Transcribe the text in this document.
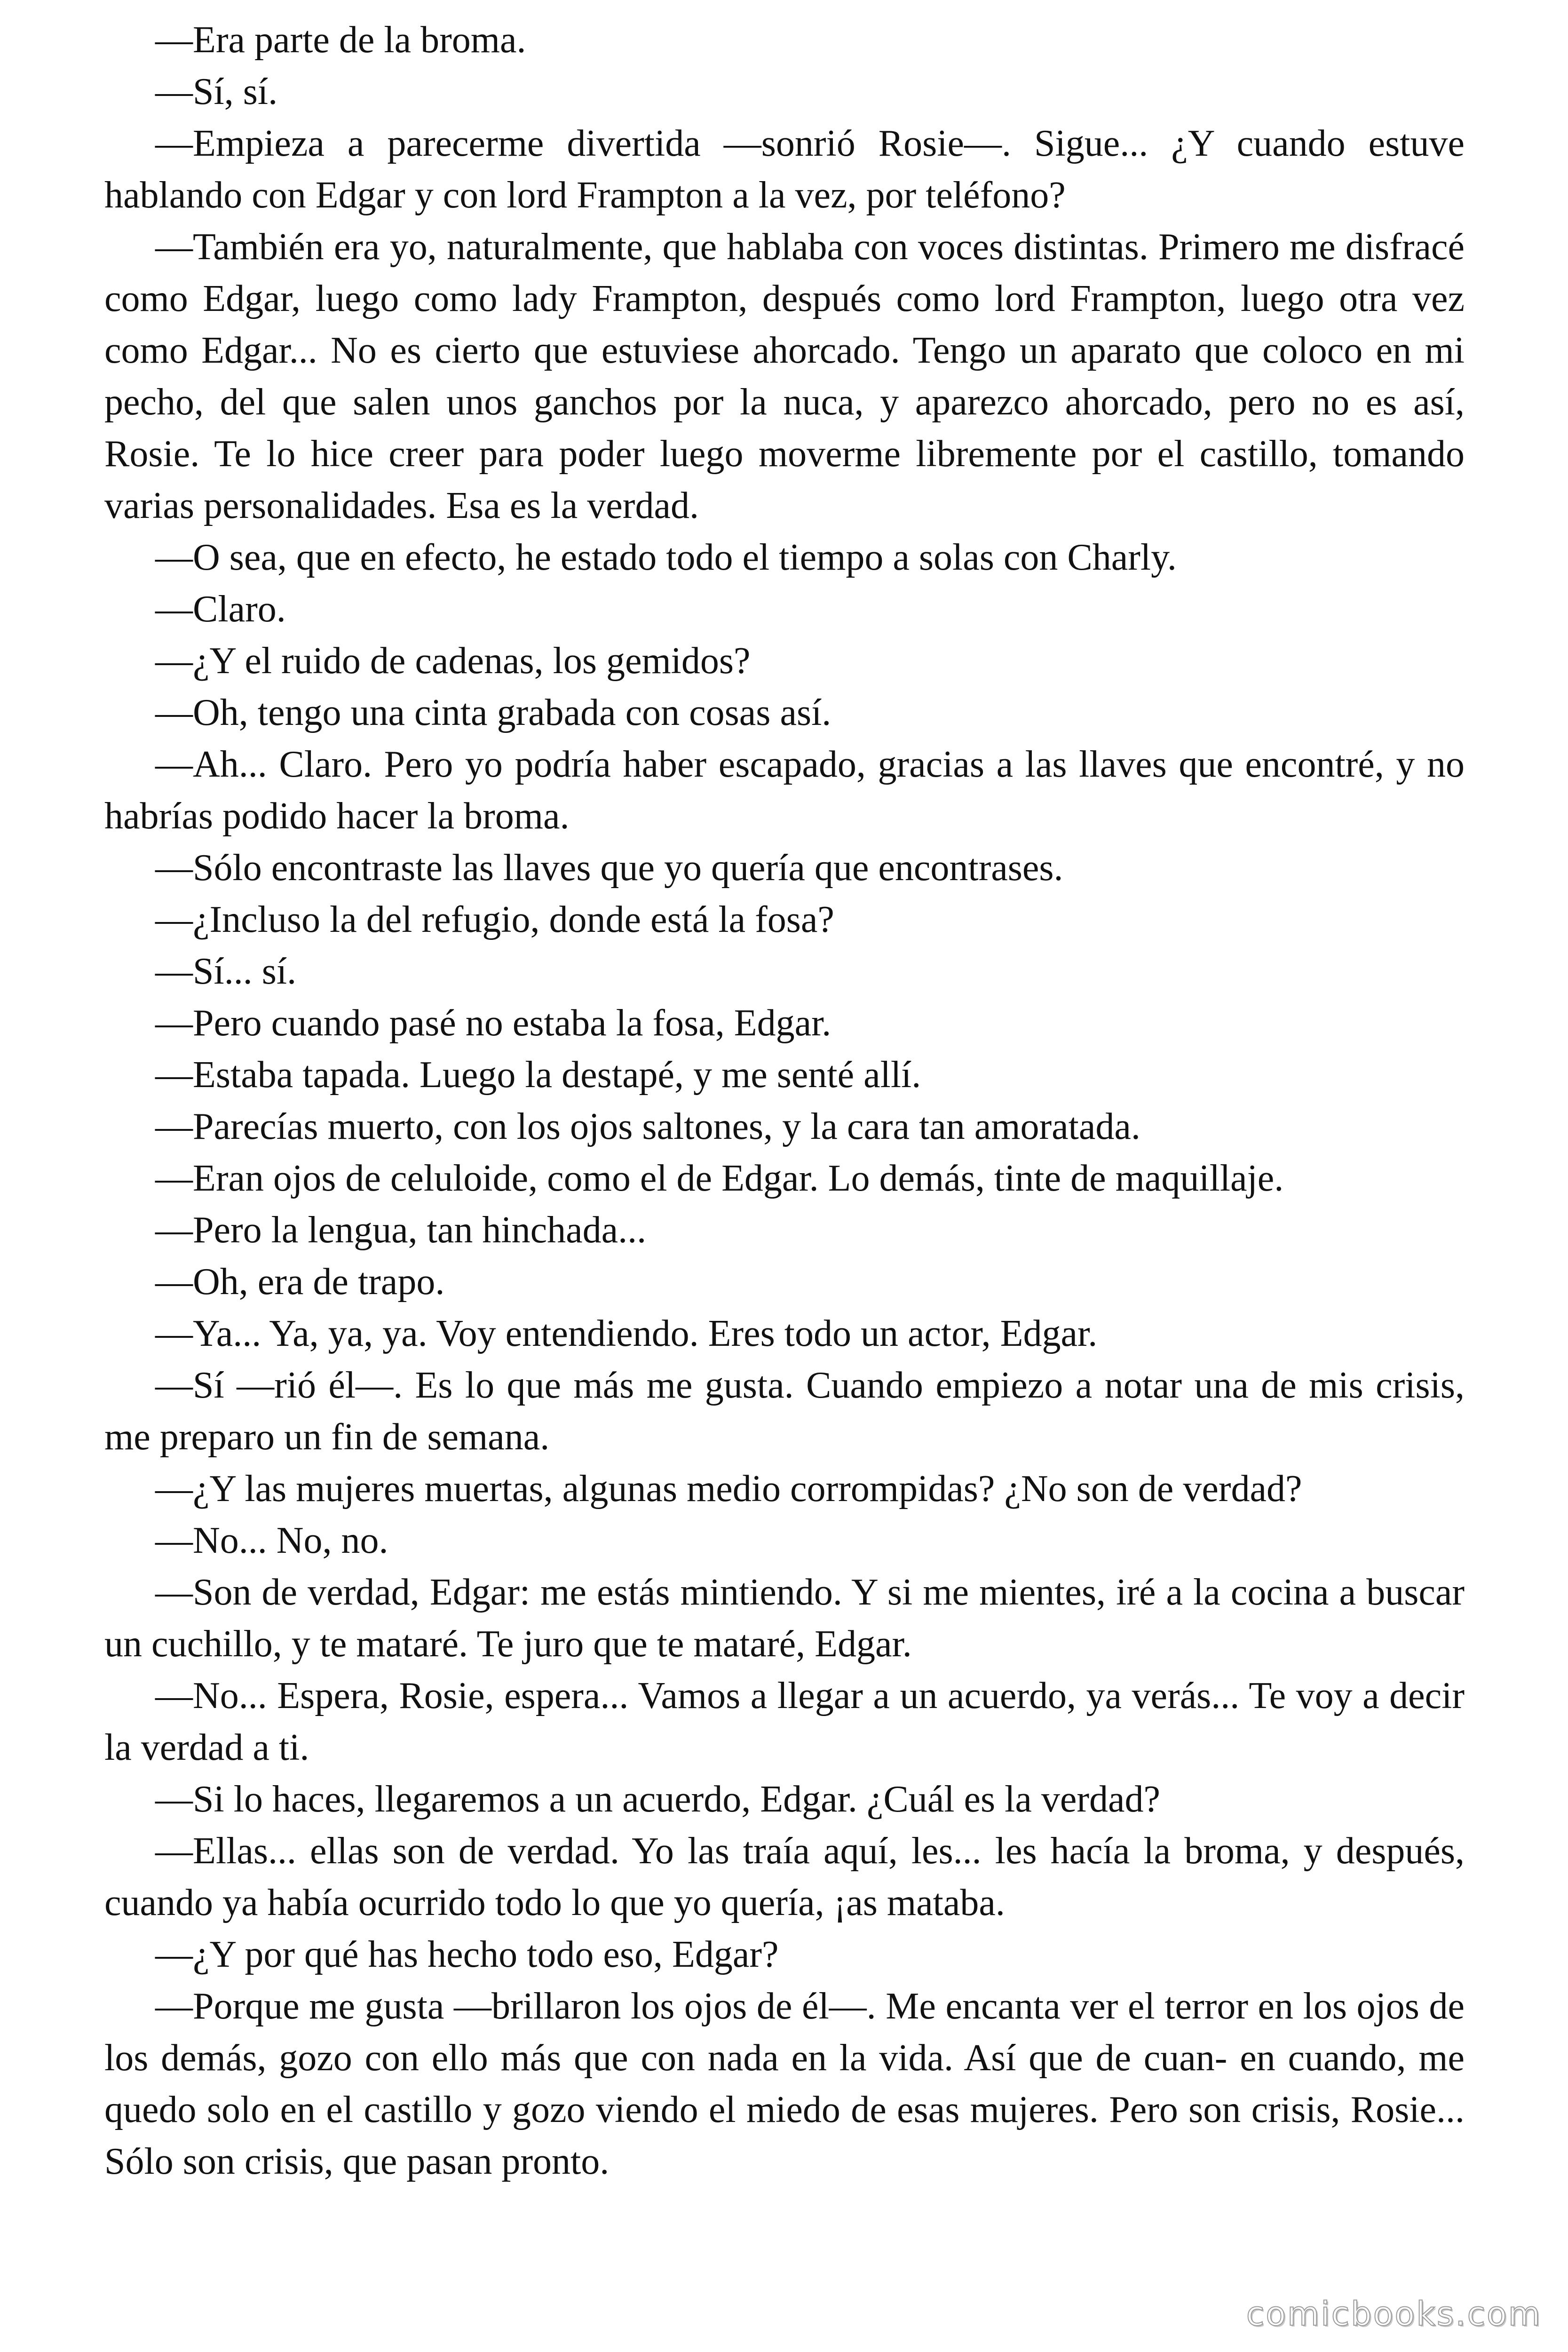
—Era parte de la broma.

—Sí, sí.

—Empieza a parecerme divertida —sonrió Rosie—. Sigue... ¿Y cuando estuve hablando con Edgar y con lord Frampton a la vez, por teléfono?

—También era yo, naturalmente, que hablaba con voces distintas. Primero me disfracé como Edgar, luego como lady Frampton, después como lord Frampton, luego otra vez como Edgar... No es cierto que estuviese ahorcado. Tengo un aparato que coloco en mi pecho, del que salen unos ganchos por la nuca, y aparezco ahorcado, pero no es así, Rosie. Te lo hice creer para poder luego moverme libremente por el castillo, tomando varias personalidades. Esa es la verdad.

—O sea, que en efecto, he estado todo el tiempo a solas con Charly.

—Claro.

—¿Y el ruido de cadenas, los gemidos?

—Oh, tengo una cinta grabada con cosas así.

—Ah... Claro. Pero yo podría haber escapado, gracias a las llaves que encontré, y no habrías podido hacer la broma.

—Sólo encontraste las llaves que yo quería que encontrases.

—¿Incluso la del refugio, donde está la fosa?

—Sí... sí.

—Pero cuando pasé no estaba la fosa, Edgar.

—Estaba tapada. Luego la destapé, y me senté allí.

—Parecías muerto, con los ojos saltones, y la cara tan amoratada.

—Eran ojos de celuloide, como el de Edgar. Lo demás, tinte de maquillaje.

—Pero la lengua, tan hinchada...

—Oh, era de trapo.

—Ya... Ya, ya, ya. Voy entendiendo. Eres todo un actor, Edgar.

—Sí —rió él—. Es lo que más me gusta. Cuando empiezo a notar una de mis crisis, me preparo un fin de semana.

—¿Y las mujeres muertas, algunas medio corrompidas? ¿No son de verdad?

—No... No, no.

—Son de verdad, Edgar: me estás mintiendo. Y si me mientes, iré a la cocina a buscar un cuchillo, y te mataré. Te juro que te mataré, Edgar.

—No... Espera, Rosie, espera... Vamos a llegar a un acuerdo, ya verás... Te voy a decir la verdad a ti.

—Si lo haces, llegaremos a un acuerdo, Edgar. ¿Cuál es la verdad?

—Ellas... ellas son de verdad. Yo las traía aquí, les... les hacía la broma, y después, cuando ya había ocurrido todo lo que yo quería, ¡as mataba.

—¿Y por qué has hecho todo eso, Edgar?

—Porque me gusta —brillaron los ojos de él—. Me encanta ver el terror en los ojos de los demás, gozo con ello más que con nada en la vida. Así que de cuan- en cuando, me quedo solo en el castillo y gozo viendo el miedo de esas mujeres. Pero son crisis, Rosie... Sólo son crisis, que pasan pronto.

comicbooks.com
